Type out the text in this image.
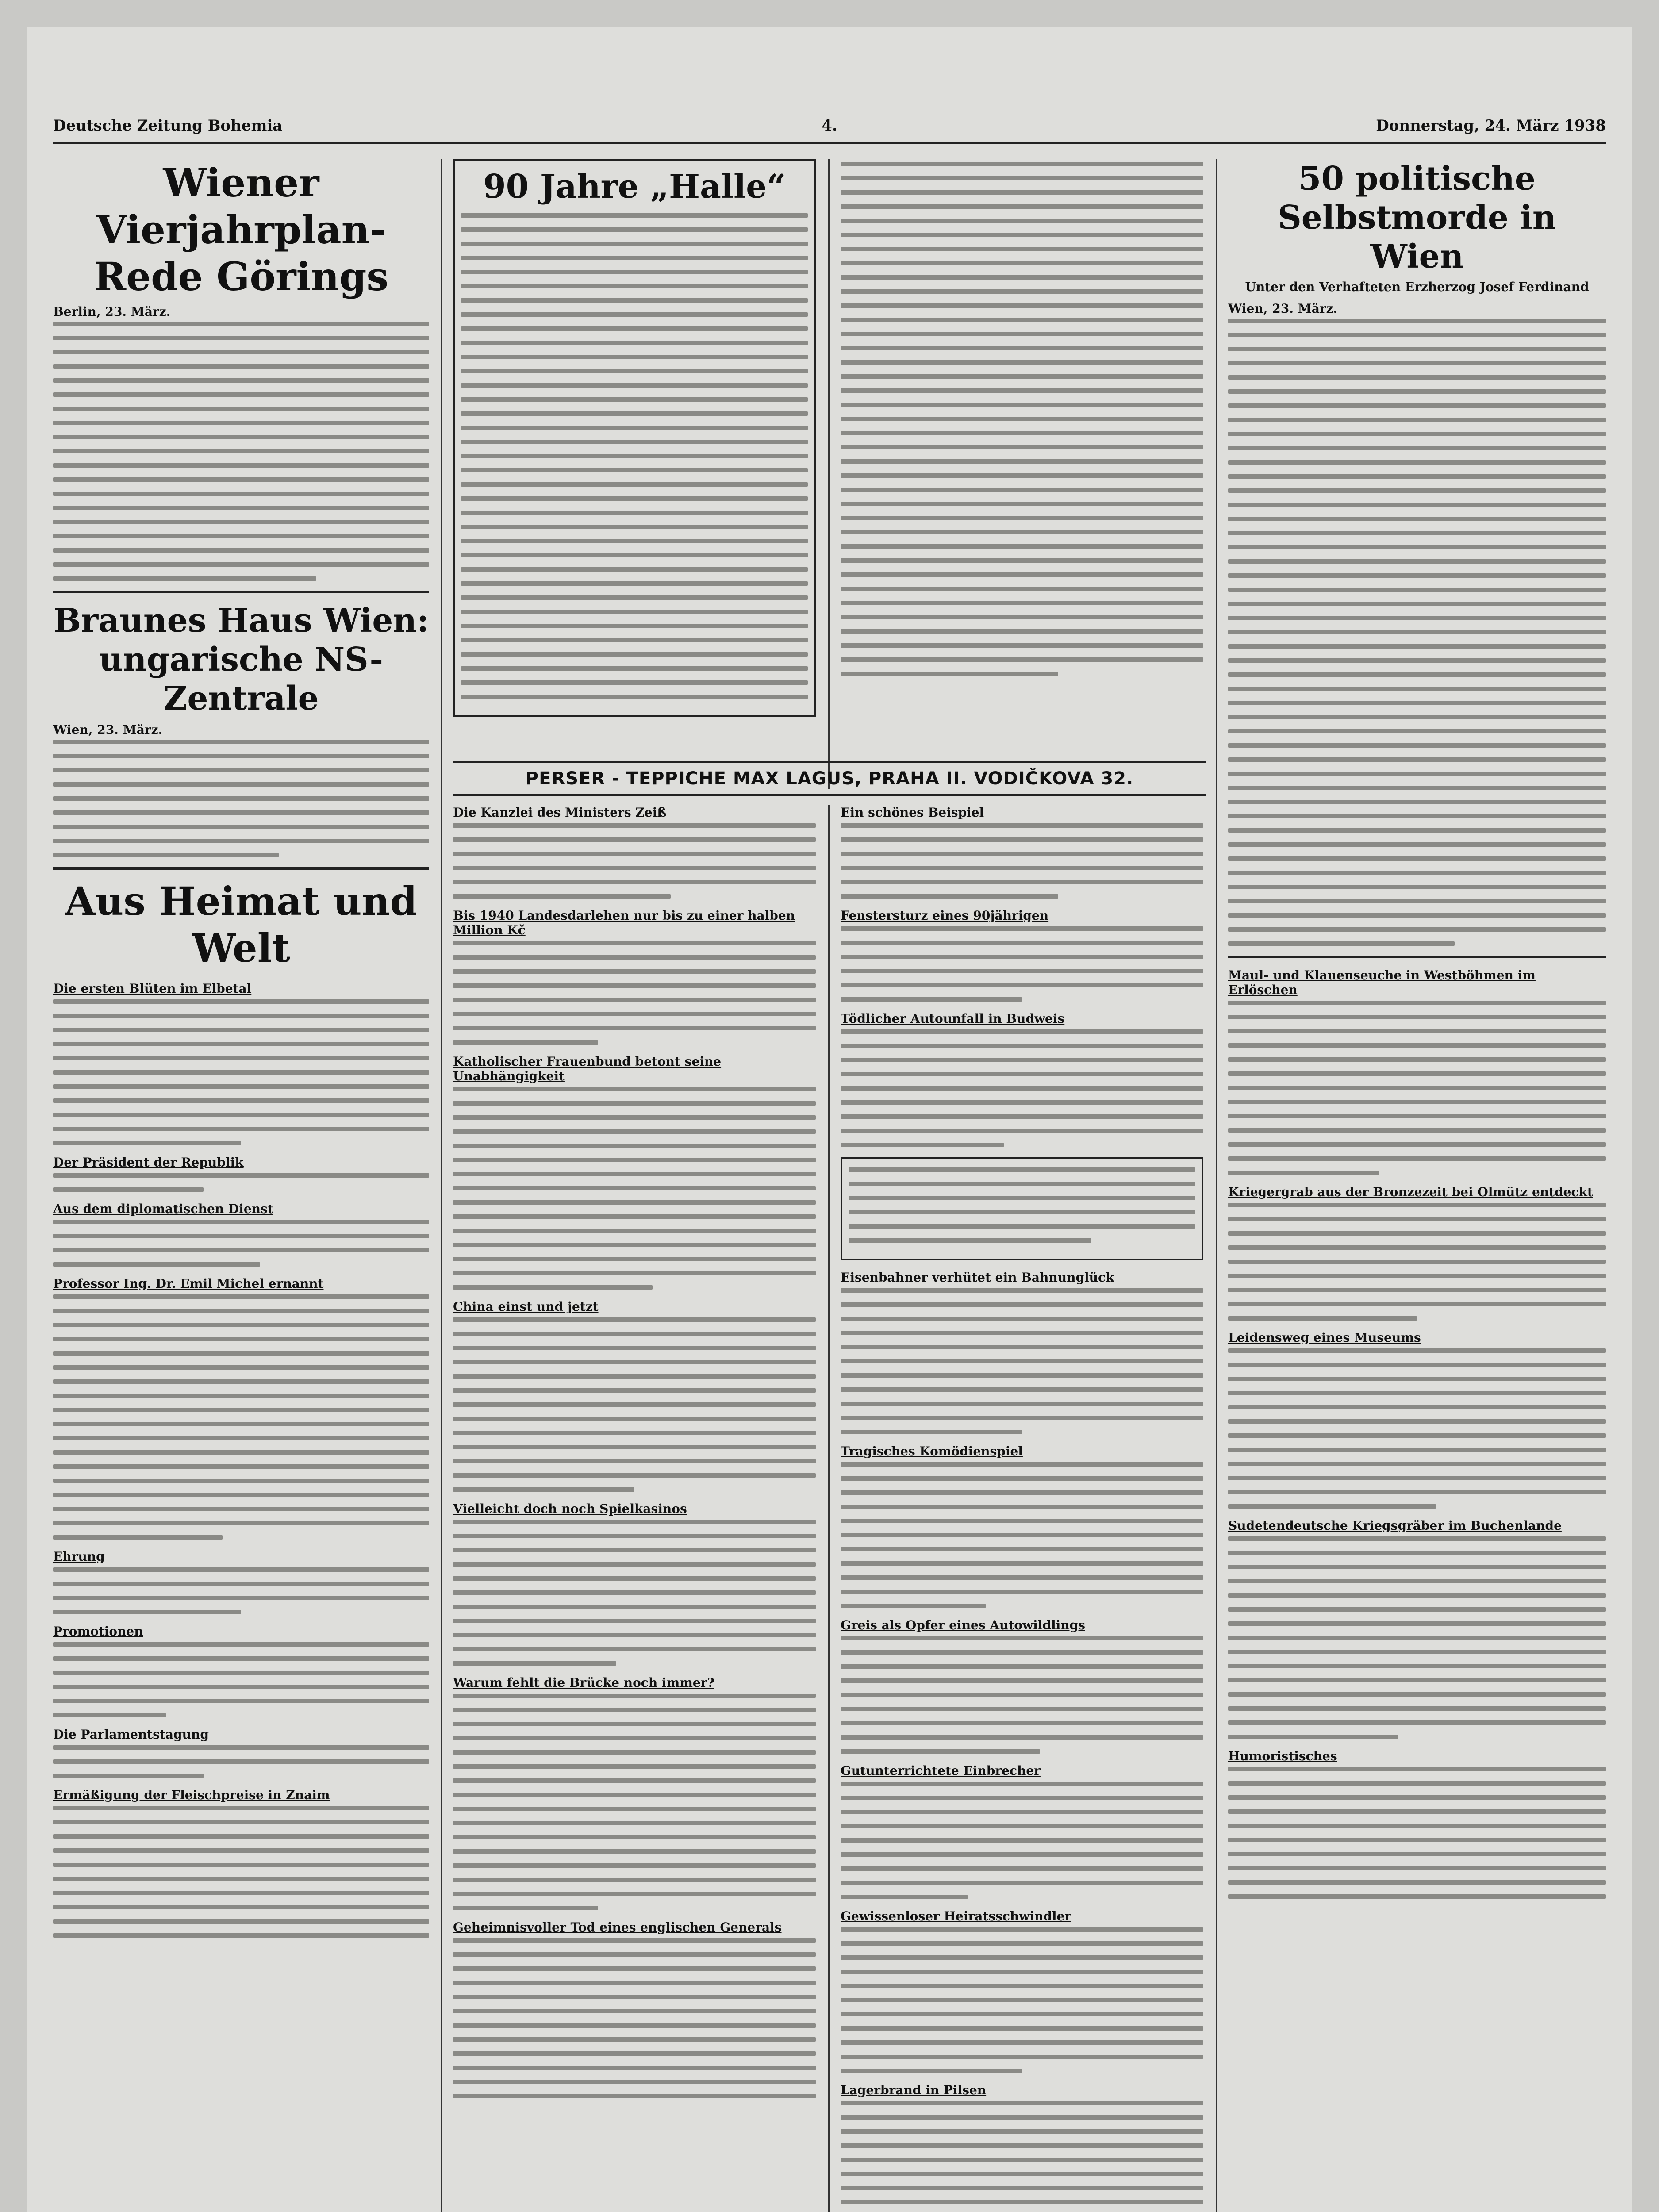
Deutsche Zeitung Bohemia	4.	Donnerstag, 24. März 1938
Wiener Vierjahrplan-Rede Görings
Berlin, 23. März.
Braunes Haus Wien: ungarische NS-Zentrale
Wien, 23. März.
Aus Heimat und Welt
Die ersten Blüten im Elbetal
Der Präsident der Republik
Aus dem diplomatischen Dienst
Professor Ing. Dr. Emil Michel ernannt
Ehrung
Promotionen
Die Parlamentstagung
Ermäßigung der Fleischpreise in Znaim
90 Jahre „Halle“
PERSER - TEPPICHE MAX LAGUS, PRAHA II. VODIČKOVA 32.
Die Kanzlei des Ministers Zeiß
Bis 1940 Landesdarlehen nur bis zu einer halben Million Kč
Katholischer Frauenbund betont seine Unabhängigkeit
China einst und jetzt
Vielleicht doch noch Spielkasinos
Warum fehlt die Brücke noch immer?
Geheimnisvoller Tod eines englischen Generals
Ein schönes Beispiel
Fenstersturz eines 90jährigen
Tödlicher Autounfall in Budweis
Eisenbahner verhütet ein Bahnunglück
Tragisches Komödienspiel
Greis als Opfer eines Autowildlings
Gutunterrichtete Einbrecher
Gewissenloser Heiratsschwindler
Lagerbrand in Pilsen
50 politische Selbstmorde in Wien
Unter den Verhafteten Erzherzog Josef Ferdinand
Wien, 23. März.
Maul- und Klauenseuche in Westböhmen im Erlöschen
Kriegergrab aus der Bronzezeit bei Olmütz entdeckt
Leidensweg eines Museums
Sudetendeutsche Kriegsgräber im Buchenlande
Humoristisches
